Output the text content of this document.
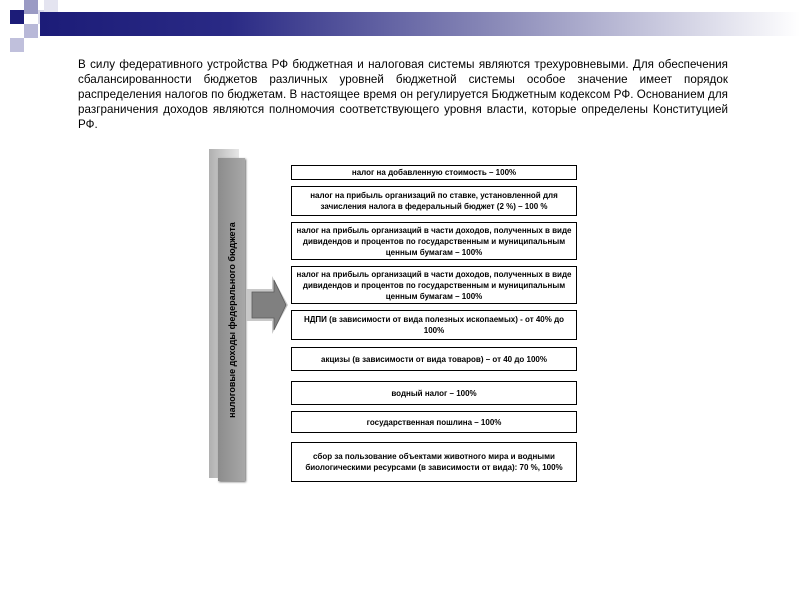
В силу федеративного устройства РФ бюджетная и налоговая системы являются трехуровневыми. Для обеспечения сбалансированности бюджетов различных уровней бюджетной системы особое значение имеет порядок распределения налогов по бюджетам. В настоящее время он регулируется Бюджетным кодексом РФ. Основанием для разграничения доходов являются полномочия соответствующего уровня власти, которые определены Конституцией РФ.
налоговые доходы федерального бюджета
налог на добавленную стоимость – 100%
налог на прибыль организаций по ставке, установленной для зачисления налога в федеральный бюджет (2 %) – 100 %
налог на прибыль организаций в части доходов, полученных в виде дивидендов и процентов по государственным и муниципальным ценным бумагам – 100%
налог на прибыль организаций в части доходов, полученных в виде дивидендов и процентов по государственным и муниципальным ценным бумагам – 100%
НДПИ (в зависимости от вида полезных ископаемых) - от 40% до 100%
акцизы (в зависимости от вида товаров) – от 40 до 100%
водный налог – 100%
государственная пошлина – 100%
сбор за пользование объектами животного мира и водными биологическими ресурсами (в зависимости от вида): 70 %, 100%
